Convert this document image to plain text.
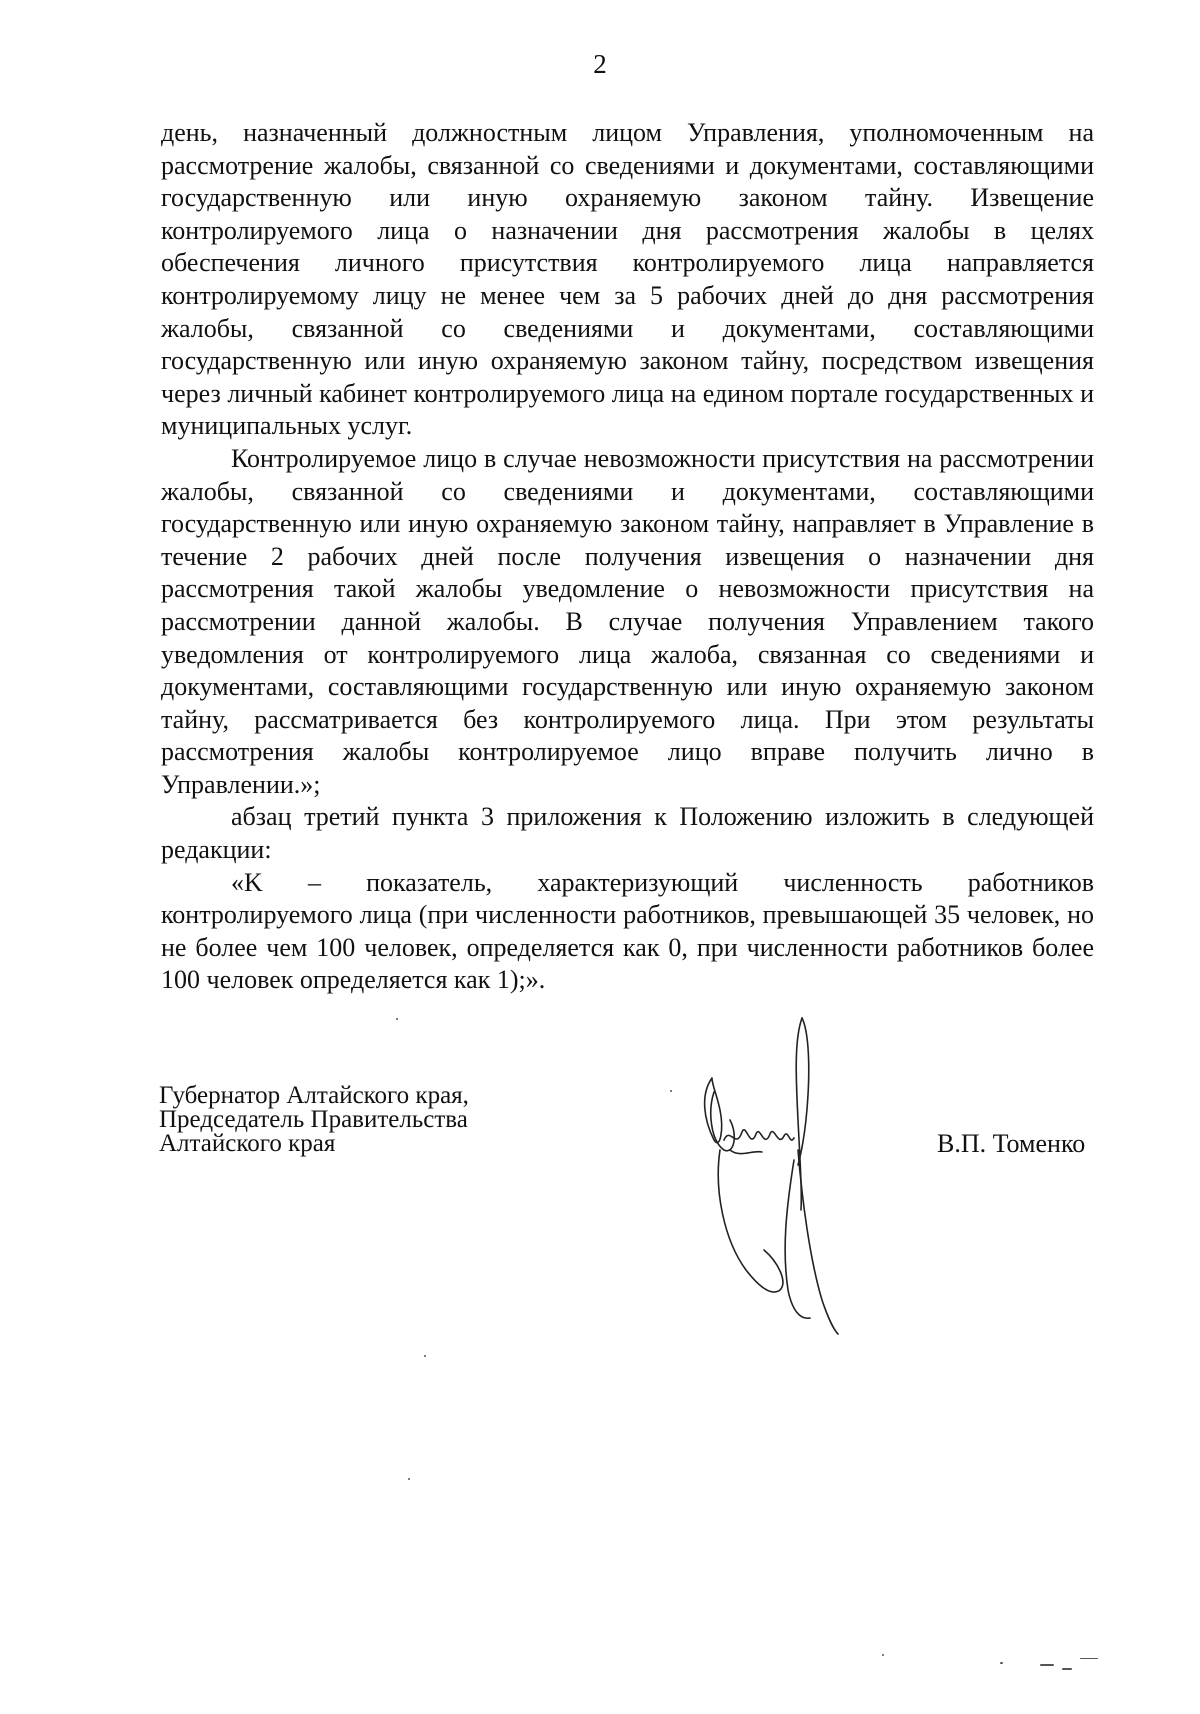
2

день, назначенный должностным лицом Управления, уполномоченным на рассмотрение жалобы, связанной со сведениями и документами, составляющими государственную или иную охраняемую законом тайну. Извещение контролируемого лица о назначении дня рассмотрения жалобы в целях обеспечения личного присутствия контролируемого лица направляется контролируемому лицу не менее чем за 5 рабочих дней до дня рассмотрения жалобы, связанной со сведениями и документами, составляющими государственную или иную охраняемую законом тайну, посредством извещения через личный кабинет контролируемого лица на едином портале государственных и муниципальных услуг.

Контролируемое лицо в случае невозможности присутствия на рассмотрении жалобы, связанной со сведениями и документами, составляющими государственную или иную охраняемую законом тайну, направляет в Управление в течение 2 рабочих дней после получения извещения о назначении дня рассмотрения такой жалобы уведомление о невозможности присутствия на рассмотрении данной жалобы. В случае получения Управлением такого уведомления от контролируемого лица жалоба, связанная со сведениями и документами, составляющими государственную или иную охраняемую законом тайну, рассматривается без контролируемого лица. При этом результаты рассмотрения жалобы контролируемое лицо вправе получить лично в Управлении.»;

абзац третий пункта 3 приложения к Положению изложить в следующей редакции:

«K – показатель, характеризующий численность работников контролируемого лица (при численности работников, превышающей 35 человек, но не более чем 100 человек, определяется как 0, при численности работников более 100 человек определяется как 1);».

Губернатор Алтайского края,
Председатель Правительства
Алтайского края	В.П. Томенко
